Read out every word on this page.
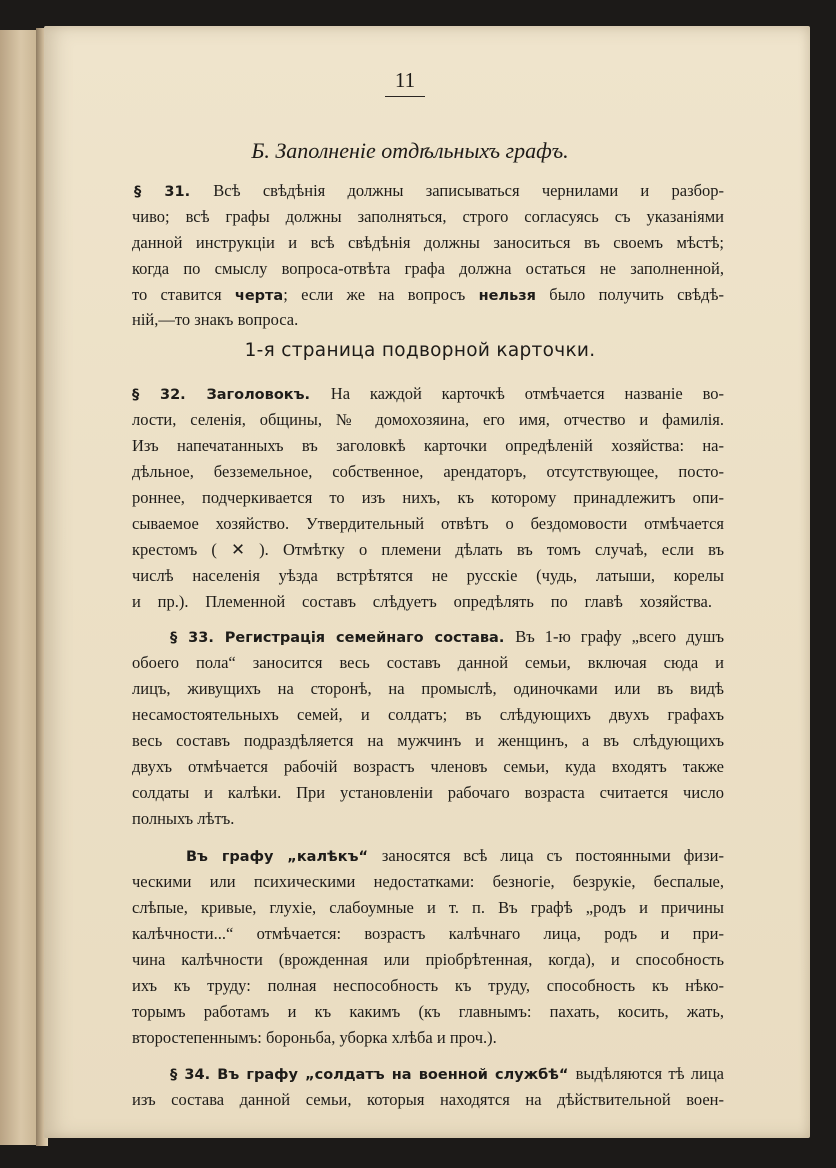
11
Б. Заполненiе отдѣльныхъ графъ.
1-я страница подворной карточки.
§ 31. Всѣ свѣдѣнiя должны записываться чернилами и разбор-
чиво; всѣ графы должны заполняться, строго согласуясь съ указанiями
данной инструкцiи и всѣ свѣдѣнiя должны заноситься въ своемъ мѣстѣ;
когда по смыслу вопроса-отвѣта графа должна остаться не заполненной,
то ставится черта; если же на вопросъ нельзя было получить свѣдѣ-
нiй,—то знакъ вопроса.
§ 32. Заголовокъ. На каждой карточкѣ отмѣчается названiе во-
лости, селенiя, общины, № домохозяина, его имя, отчество и фамилiя.
Изъ напечатанныхъ въ заголовкѣ карточки опредѣленiй хозяйства: на-
дѣльное, безземельное, собственное, арендаторъ, отсутствующее, посто-
роннее, подчеркивается то изъ нихъ, къ которому принадлежитъ опи-
сываемое хозяйство. Утвердительный отвѣтъ о бездомовости отмѣчается
крестомъ ( ✕ ). Отмѣтку о племени дѣлать въ томъ случаѣ, если въ
числѣ населенiя уѣзда встрѣтятся не русскiе (чудь, латыши, корелы
и пр.). Племенной составъ слѣдуетъ опредѣлять по главѣ хозяйства.
§ 33. Регистрацiя семейнаго состава. Въ 1-ю графу „всего душъ
обоего пола“ заносится весь составъ данной семьи, включая сюда и
лицъ, живущихъ на сторонѣ, на промыслѣ, одиночками или въ видѣ
несамостоятельныхъ семей, и солдатъ; въ слѣдующихъ двухъ графахъ
весь составъ подраздѣляется на мужчинъ и женщинъ, а въ слѣдующихъ
двухъ отмѣчается рабочiй возрастъ членовъ семьи, куда входятъ также
солдаты и калѣки. При установленiи рабочаго возраста считается число
полныхъ лѣтъ.
Въ графу „калѣкъ“ заносятся всѣ лица съ постоянными физи-
ческими или психическими недостатками: безногiе, безрукiе, беспалые,
слѣпые, кривые, глухiе, слабоумные и т. п. Въ графѣ „родъ и причины
калѣчности...“ отмѣчается: возрастъ калѣчнаго лица, родъ и при-
чина калѣчности (врожденная или прiобрѣтенная, когда), и способность
ихъ къ труду: полная неспособность къ труду, способность къ нѣко-
торымъ работамъ и къ какимъ (къ главнымъ: пахать, косить, жать,
второстепеннымъ: бороньба, уборка хлѣба и проч.).
§ 34. Въ графу „солдатъ на военной службѣ“ выдѣляются тѣ лица
изъ состава данной семьи, которыя находятся на дѣйствительной воен-
